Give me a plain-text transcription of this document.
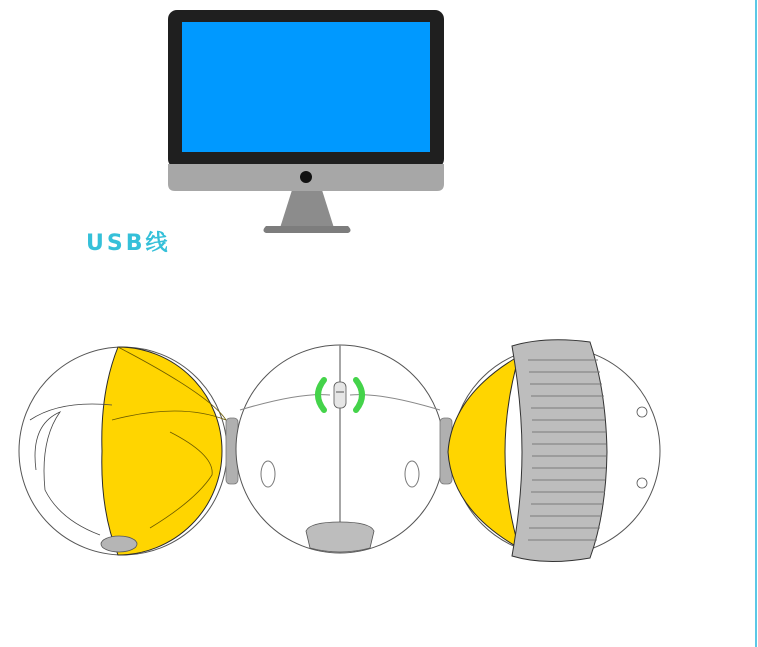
USB线
